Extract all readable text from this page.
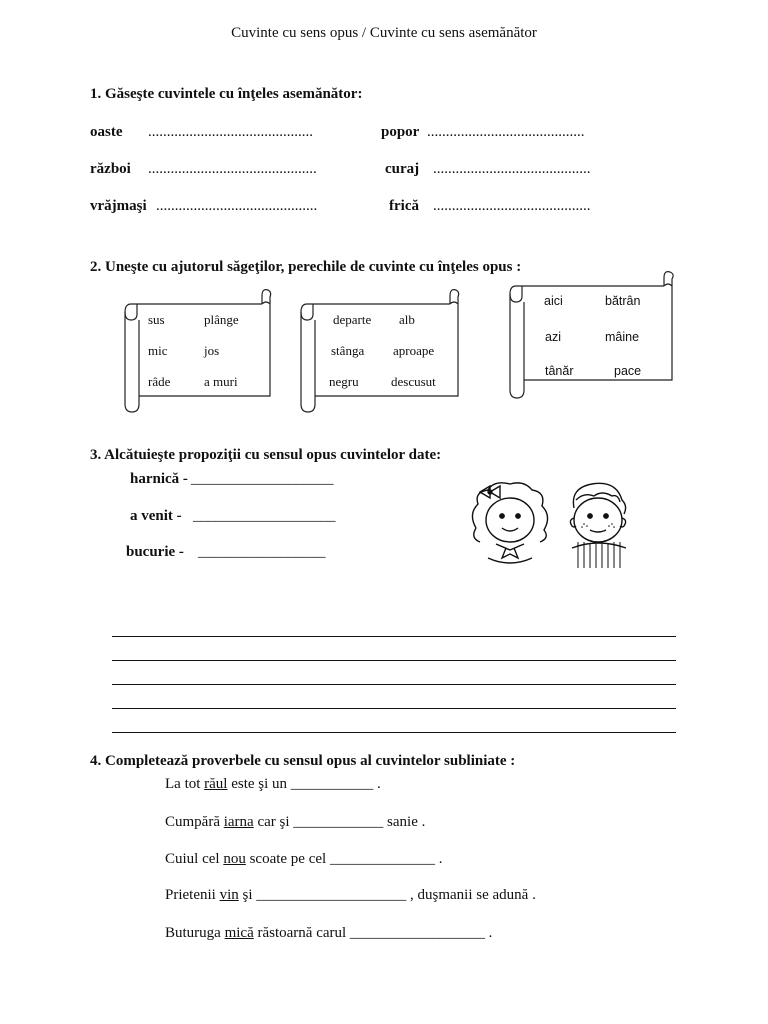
Cuvinte cu sens opus / Cuvinte cu sens asemănător
1. Găseşte cuvintele cu înţeles asemănător:
oaste ............................................	popor ..........................................
război .............................................	curaj ..........................................
vrăjmaşi ...........................................	frică ..........................................
2. Uneşte cu ajutorul săgeţilor, perechile de cuvinte cu înţeles opus :
sus	plânge
mic	jos
râde	a muri
departe alb
stânga aproape
negru descusut
aici	bătrân
azi	mâine
tânăr	pace
3. Alcătuieşte propoziţii cu sensul opus cuvintelor date:
harnică - ___________________
a venit - ___________________
bucurie - _________________
4. Completează proverbele cu sensul opus al cuvintelor subliniate :
La tot răul este şi un ___________ .
Cumpără iarna car şi ____________ sanie .
Cuiul cel nou scoate pe cel ______________ .
Prietenii vin şi ____________________ , duşmanii se adună .
Buturuga mică răstoarnă carul __________________ .
